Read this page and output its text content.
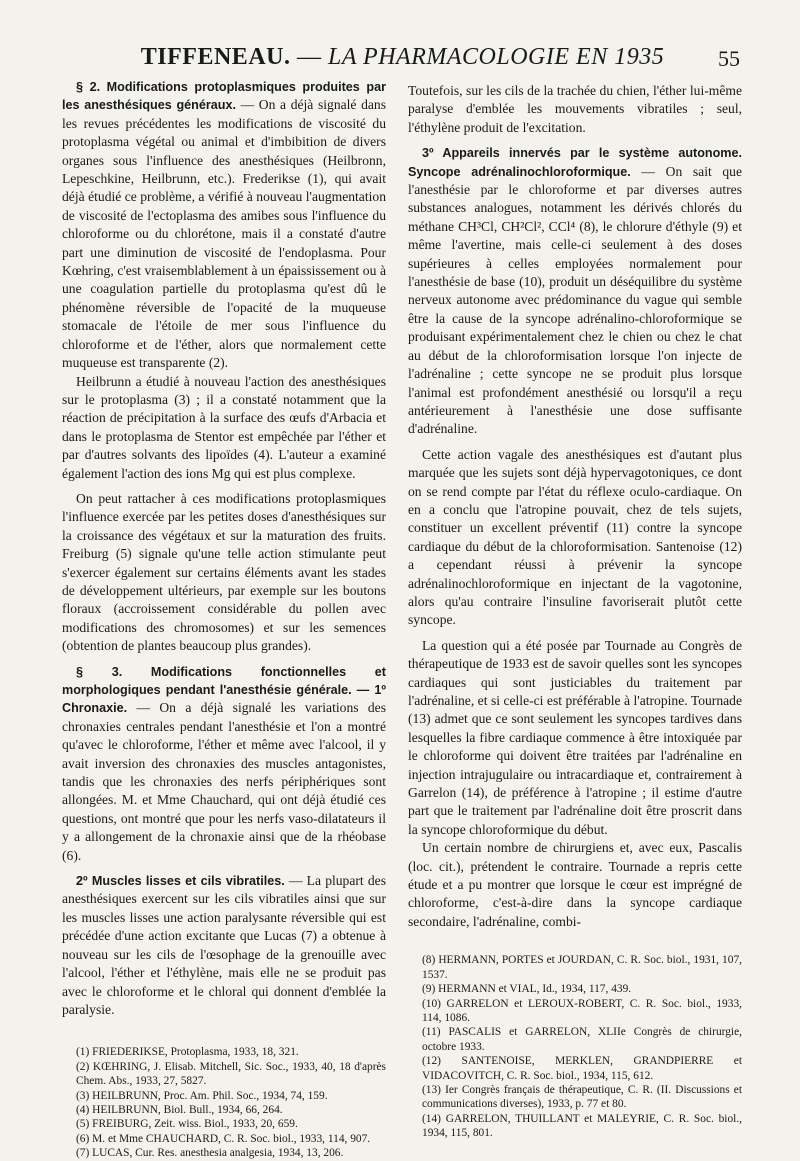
TIFFENEAU. — LA PHARMACOLOGIE EN 1935	55

§ 2. Modifications protoplasmiques produites par les anesthésiques généraux. — On a déjà signalé dans les revues précédentes les modifications de viscosité du protoplasma végétal ou animal et d'imbibition de divers organes sous l'influence des anesthésiques (Heilbronn, Lepeschkine, Heilbrunn, etc.). Frederikse (1), qui avait déjà étudié ce problème, a vérifié à nouveau l'augmentation de viscosité de l'ectoplasma des amibes sous l'influence du chloroforme ou du chlorétone, mais il a constaté d'autre part une diminution de viscosité de l'endoplasma. Pour Kœhring, c'est vraisemblablement à un épaississement ou à une coagulation partielle du protoplasma qu'est dû le phénomène réversible de l'opacité de la muqueuse stomacale de l'étoile de mer sous l'influence du chloroforme et de l'éther, alors que normalement cette muqueuse est transparente (2).

Heilbrunn a étudié à nouveau l'action des anesthésiques sur le protoplasma (3) ; il a constaté notamment que la réaction de précipitation à la surface des œufs d'Arbacia et dans le protoplasma de Stentor est empêchée par l'éther et par d'autres solvants des lipoïdes (4). L'auteur a examiné également l'action des ions Mg qui est plus complexe.

On peut rattacher à ces modifications protoplasmiques l'influence exercée par les petites doses d'anesthésiques sur la croissance des végétaux et sur la maturation des fruits. Freiburg (5) signale qu'une telle action stimulante peut s'exercer également sur certains éléments avant les stades de développement ultérieurs, par exemple sur les boutons floraux (accroissement considérable du pollen avec modifications des chromosomes) et sur les semences (obtention de plantes beaucoup plus grandes).

§ 3. Modifications fonctionnelles et morphologiques pendant l'anesthésie générale. — 1º Chronaxie. — On a déjà signalé les variations des chronaxies centrales pendant l'anesthésie et l'on a montré qu'avec le chloroforme, l'éther et même avec l'alcool, il y avait inversion des chronaxies des muscles antagonistes, tandis que les chronaxies des nerfs périphériques sont allongées. M. et Mme Chauchard, qui ont déjà étudié ces questions, ont montré que pour les nerfs vaso-dilatateurs il y a allongement de la chronaxie ainsi que de la rhéobase (6).

2º Muscles lisses et cils vibratiles. — La plupart des anesthésiques exercent sur les cils vibratiles ainsi que sur les muscles lisses une action paralysante réversible qui est précédée d'une action excitante que Lucas (7) a obtenue à nouveau sur les cils de l'œsophage de la grenouille avec l'alcool, l'éther et l'éthylène, mais elle ne se produit pas avec le chloroforme et le chloral qui donnent d'emblée la paralysie.

(1) FRIEDERIKSE, Protoplasma, 1933, 18, 321.

(2) KŒHRING, J. Elisab. Mitchell, Sic. Soc., 1933, 40, 18 d'après Chem. Abs., 1933, 27, 5827.

(3) HEILBRUNN, Proc. Am. Phil. Soc., 1934, 74, 159.

(4) HEILBRUNN, Biol. Bull., 1934, 66, 264.

(5) FREIBURG, Zeit. wiss. Biol., 1933, 20, 659.

(6) M. et Mme CHAUCHARD, C. R. Soc. biol., 1933, 114, 907.

(7) LUCAS, Cur. Res. anesthesia analgesia, 1934, 13, 206.

Toutefois, sur les cils de la trachée du chien, l'éther lui-même paralyse d'emblée les mouvements vibratiles ; seul, l'éthylène produit de l'excitation.

3º Appareils innervés par le système autonome. Syncope adrénalinochloroformique. — On sait que l'anesthésie par le chloroforme et par diverses autres substances analogues, notamment les dérivés chlorés du méthane CH³Cl, CH²Cl², CCl⁴ (8), le chlorure d'éthyle (9) et même l'avertine, mais celle-ci seulement à des doses supérieures à celles employées normalement pour l'anesthésie de base (10), produit un déséquilibre du système nerveux autonome avec prédominance du vague qui semble être la cause de la syncope adrénalino-chloroformique se produisant expérimentalement chez le chien ou chez le chat au début de la chloroformisation lorsque l'on injecte de l'adrénaline ; cette syncope ne se produit plus lorsque l'animal est profondément anesthésié ou lorsqu'il a reçu antérieurement à l'anesthésie une dose suffisante d'adrénaline.

Cette action vagale des anesthésiques est d'autant plus marquée que les sujets sont déjà hypervagotoniques, ce dont on se rend compte par l'état du réflexe oculo-cardiaque. On en a conclu que l'atropine pouvait, chez de tels sujets, constituer un excellent préventif (11) contre la syncope cardiaque du début de la chloroformisation. Santenoise (12) a cependant réussi à prévenir la syncope adrénalinochloroformique en injectant de la vagotonine, alors qu'au contraire l'insuline favoriserait plutôt cette syncope.

La question qui a été posée par Tournade au Congrès de thérapeutique de 1933 est de savoir quelles sont les syncopes cardiaques qui sont justiciables du traitement par l'adrénaline, et si celle-ci est préférable à l'atropine. Tournade (13) admet que ce sont seulement les syncopes tardives dans lesquelles la fibre cardiaque commence à être intoxiquée par le chloroforme qui doivent être traitées par l'adrénaline en injection intrajugulaire ou intracardiaque et, contrairement à Garrelon (14), de préférence à l'atropine ; il estime d'autre part que le traitement par l'adrénaline doit être proscrit dans la syncope chloroformique du début.

Un certain nombre de chirurgiens et, avec eux, Pascalis (loc. cit.), prétendent le contraire. Tournade a repris cette étude et a pu montrer que lorsque le cœur est imprégné de chloroforme, c'est-à-dire dans la syncope cardiaque secondaire, l'adrénaline, combi-

(8) HERMANN, PORTES et JOURDAN, C. R. Soc. biol., 1931, 107, 1537.

(9) HERMANN et VIAL, Id., 1934, 117, 439.

(10) GARRELON et LEROUX-ROBERT, C. R. Soc. biol., 1933, 114, 1086.

(11) PASCALIS et GARRELON, XLIIe Congrès de chirurgie, octobre 1933.

(12) SANTENOISE, MERKLEN, GRANDPIERRE et VIDACOVITCH, C. R. Soc. biol., 1934, 115, 612.

(13) Ier Congrès français de thérapeutique, C. R. (II. Discussions et communications diverses), 1933, p. 77 et 80.

(14) GARRELON, THUILLANT et MALEYRIE, C. R. Soc. biol., 1934, 115, 801.
